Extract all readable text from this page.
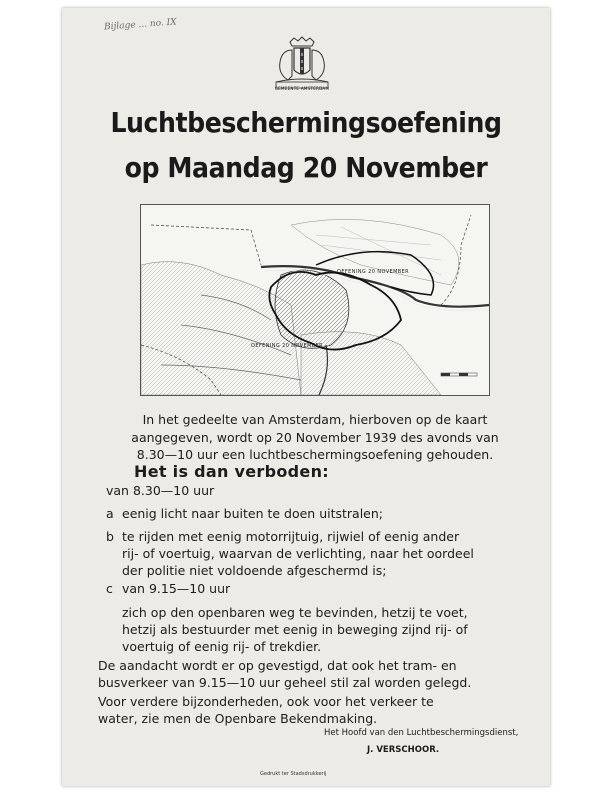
Bijlage ... no. IX
x
x
x
GEMEENTE AMSTERDAM
Luchtbeschermingsoefening
op Maandag 20 November
OEFENING 20 NOVEMBER
OEFENING 20 NOVEMBER
In het gedeelte van Amsterdam, hierboven op de kaart
aangegeven, wordt op 20 November 1939 des avonds van
8.30—10 uur een luchtbeschermingsoefening gehouden.
Het is dan verboden:
van 8.30—10 uur
a eenig licht naar buiten te doen uitstralen;
b te rijden met eenig motorrijtuig, rijwiel of eenig ander
rij- of voertuig, waarvan de verlichting, naar het oordeel
der politie niet voldoende afgeschermd is;
c van 9.15—10 uur
zich op den openbaren weg te bevinden, hetzij te voet,
hetzij als bestuurder met eenig in beweging zijnd rij- of
voertuig of eenig rij- of trekdier.
De aandacht wordt er op gevestigd, dat ook het tram- en
busverkeer van 9.15—10 uur geheel stil zal worden gelegd.
Voor verdere bijzonderheden, ook voor het verkeer te
water, zie men de Openbare Bekendmaking.
Het Hoofd van den Luchtbeschermingsdienst,
J. VERSCHOOR.
Gedrukt ter Stadsdrukkerij
